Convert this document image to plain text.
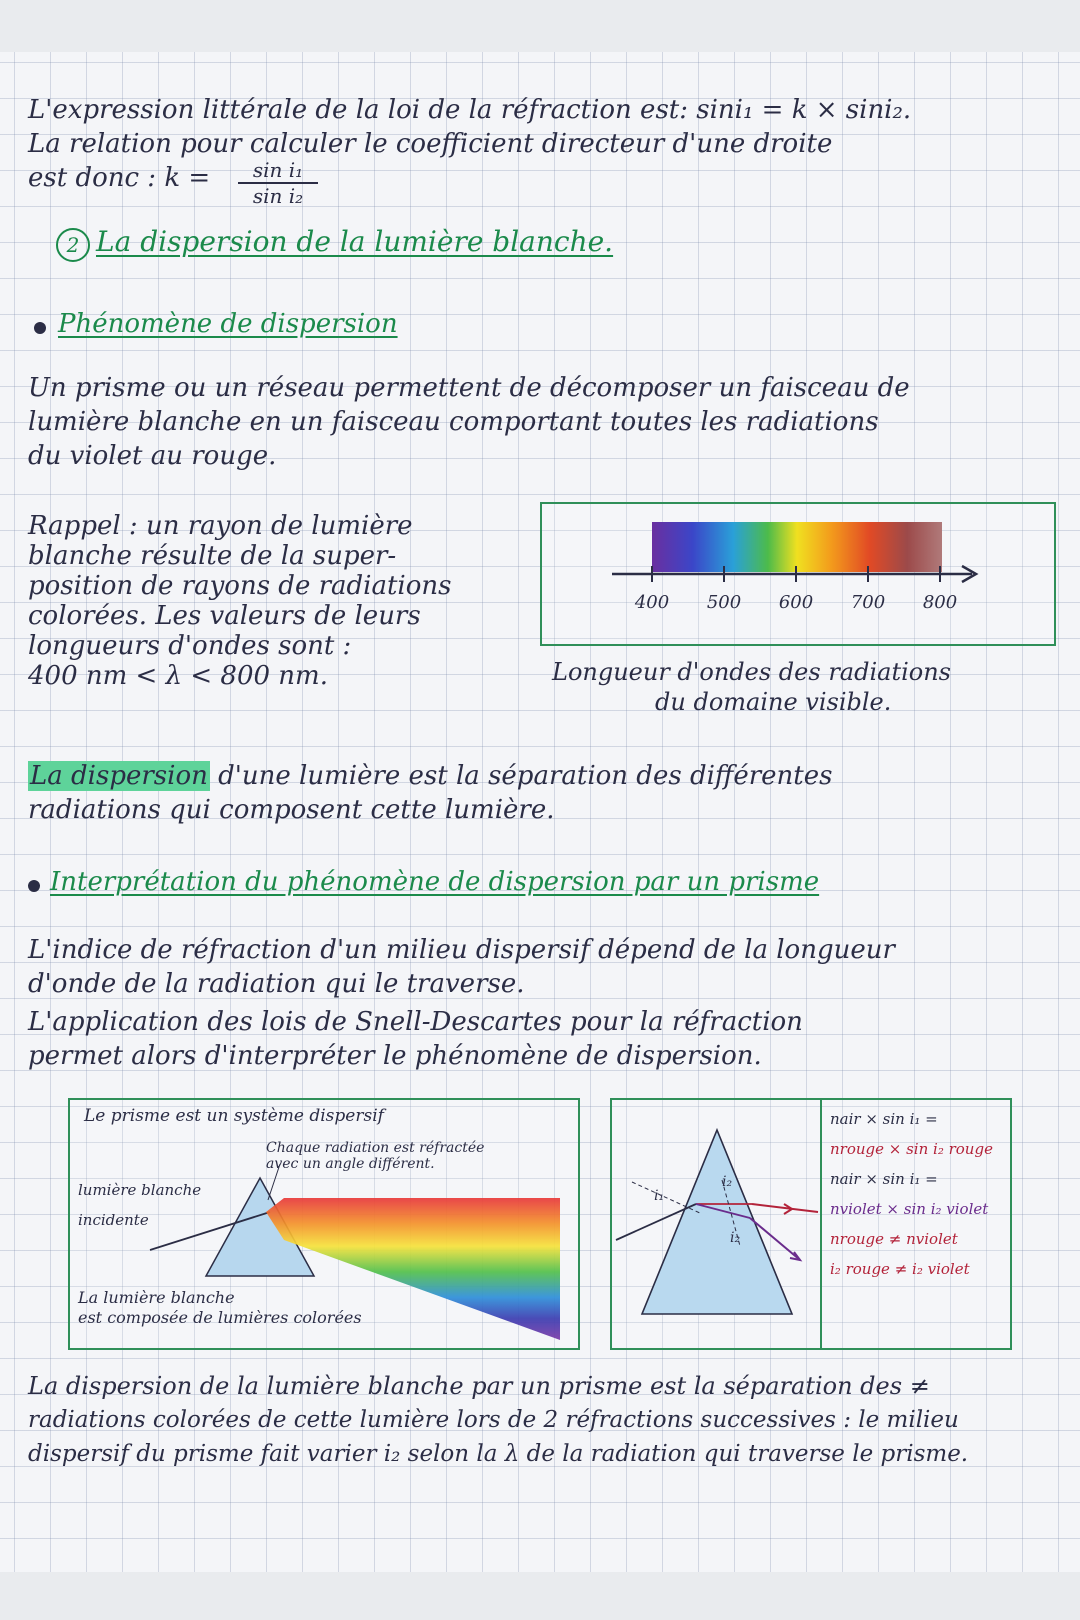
L'expression littérale de la loi de la réfraction est: sini₁ = k × sini₂.
La relation pour calculer le coefficient directeur d'une droite
est donc : $k = \frac{\text{sin i₁}}{\text{sin i₂}}$
2 La dispersion de la lumière blanche.
Phénomène de dispersion
Un prisme ou un réseau permettent de décomposer un faisceau de
lumière blanche en un faisceau comportant toutes les radiations
du violet au rouge.
Rappel : un rayon de lumière
blanche résulte de la super-
position de rayons de radiations
colorées. Les valeurs de leurs
longueurs d'ondes sont :
400 nm < λ < 800 nm.
400 500 600 700 800
Longueur d'ondes des radiations
du domaine visible.
La dispersion d'une lumière est la séparation des différentes
radiations qui composent cette lumière.
Interprétation du phénomène de dispersion par un prisme
L'indice de réfraction d'un milieu dispersif dépend de la longueur
d'onde de la radiation qui le traverse.
L'application des lois de Snell-Descartes pour la réfraction
permet alors d'interpréter le phénomène de dispersion.
Le prisme est un système dispersif
Chaque radiation est réfractée
avec un angle différent.
lumière blanche
incidente
La lumière blanche
est composée de lumières colorées
i₁
i₂
i₂
nair × sin i₁ =
nrouge × sin i₂ rouge
nair × sin i₁ =
nviolet × sin i₂ violet
nrouge ≠ nviolet
i₂ rouge ≠ i₂ violet
La dispersion de la lumière blanche par un prisme est la séparation des ≠
radiations colorées de cette lumière lors de 2 réfractions successives : le milieu
dispersif du prisme fait varier i₂ selon la λ de la radiation qui traverse le prisme.
